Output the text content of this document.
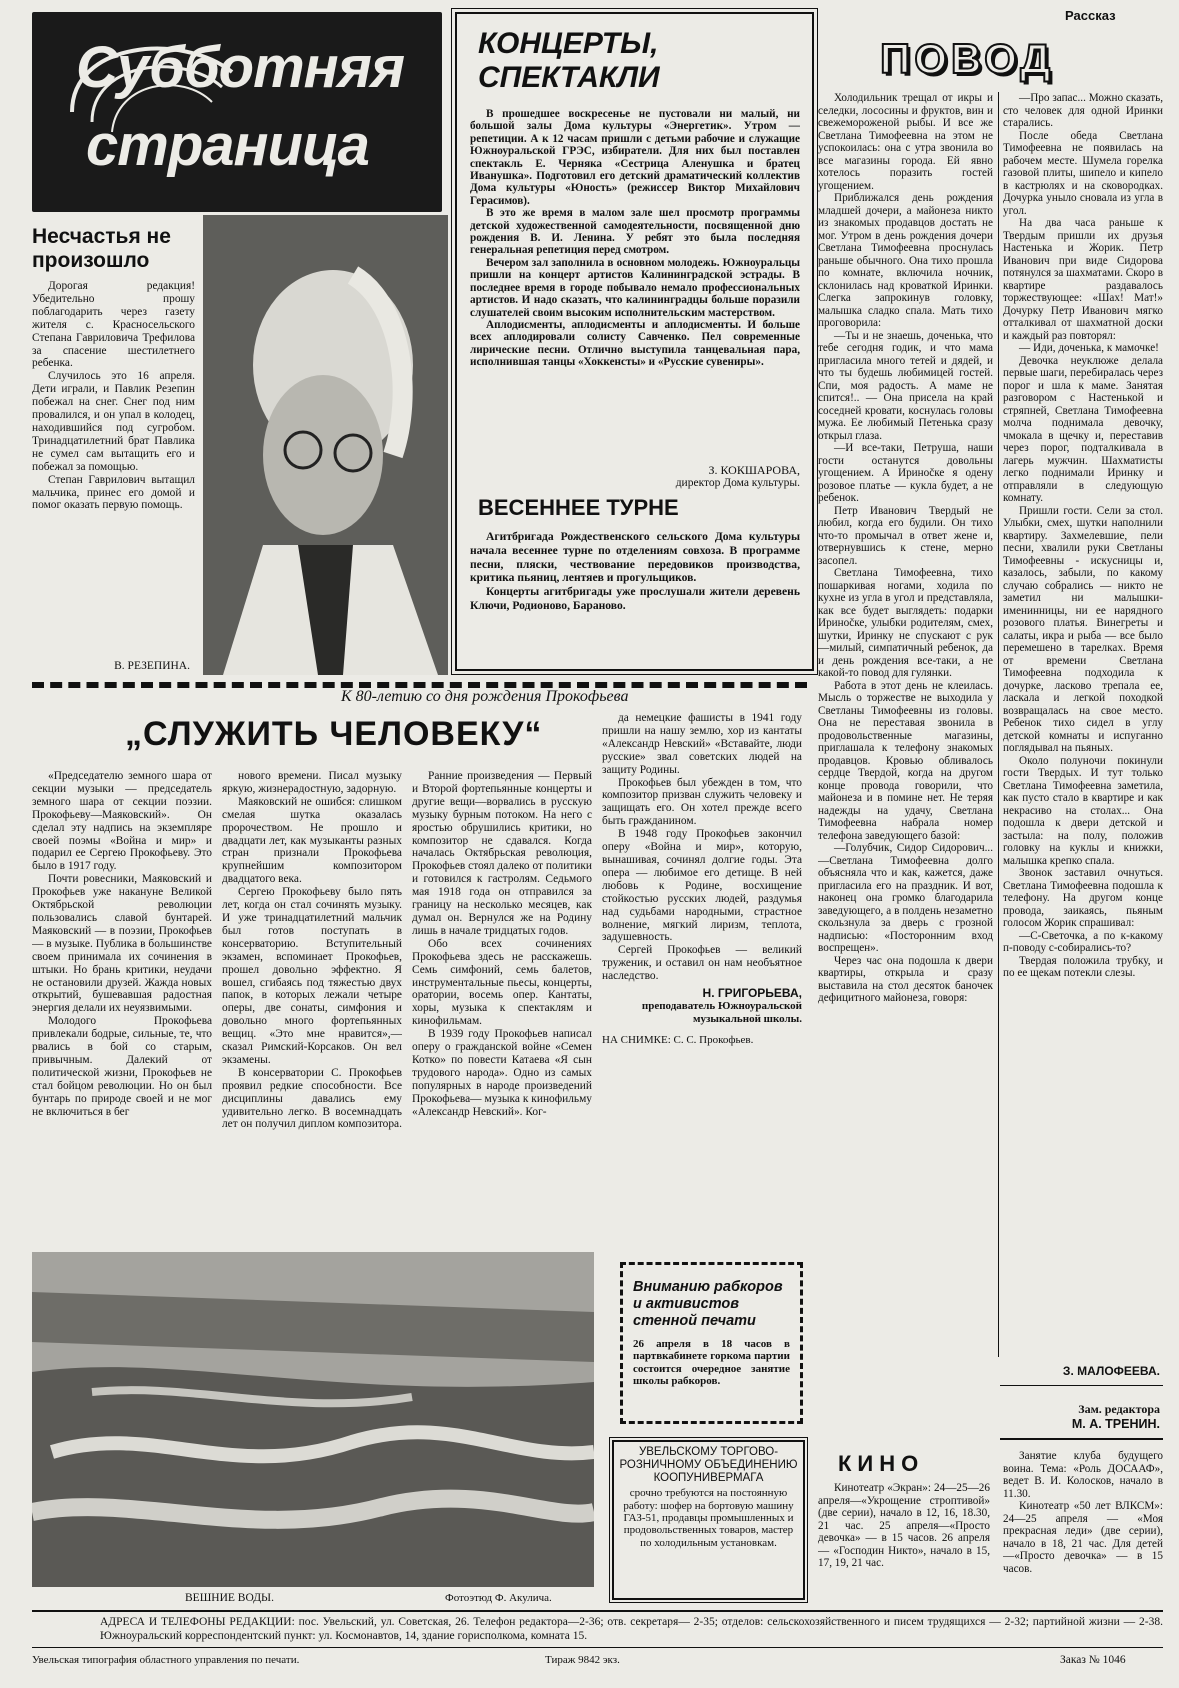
Субботняя
страница
Несчастья не произошло

Дорогая редакция! Убедительно прошу поблагодарить через газету жителя с. Красносельского Степана Гавриловича Трефилова за спасение шестилетнего ребенка.

Случилось это 16 апреля. Дети играли, и Павлик Резепин побежал на снег. Снег под ним провалился, и он упал в колодец, находившийся под сугробом. Тринадцатилетний брат Павлика не сумел сам вытащить его и побежал за помощью.

Степан Гаврилович вытащил мальчика, принес его домой и помог оказать первую помощь.

В. РЕЗЕПИНА.
КОНЦЕРТЫ,
СПЕКТАКЛИ

В прошедшее воскресенье не пустовали ни малый, ни большой залы Дома культуры «Энергетик». Утром — репетиции. А к 12 часам пришли с детьми рабочие и служащие Южноуральской ГРЭС, избиратели. Для них был поставлен спектакль Е. Черняка «Сестрица Аленушка и братец Иванушка». Подготовил его детский драматический коллектив Дома культуры «Юность» (режиссер Виктор Михайлович Герасимов).

В это же время в малом зале шел просмотр программы детской художественной самодеятельности, посвященной дню рождения В. И. Ленина. У ребят это была последняя генеральная репетиция перед смотром.

Вечером зал заполнила в основном молодежь. Южноуральцы пришли на концерт артистов Калининградской эстрады. В последнее время в городе побывало немало профессиональных артистов. И надо сказать, что калининградцы больше поразили слушателей своим высоким исполнительским мастерством.

Аплодисменты, аплодисменты и аплодисменты. И больше всех аплодировали солисту Савченко. Пел современные лирические песни. Отлично выступила танцевальная пара, исполнившая танцы «Хоккенсты» и «Русские сувениры».

З. КОКШАРОВА,
директор Дома культуры.
ВЕСЕННЕЕ ТУРНЕ

Агитбригада Рождественского сельского Дома культуры начала весеннее турне по отделениям совхоза. В программе песни, пляски, чествование передовиков производства, критика пьяниц, лентяев и прогульщиков.

Концерты агитбригады уже прослушали жители деревень Ключи, Родионово, Бараново.

Рассказ
ПОВОД

Холодильник трещал от икры и селедки, лососины и фруктов, вин и свежемороженой рыбы. И все же Светлана Тимофеевна на этом не успокоилась: она с утра звонила во все магазины города. Ей явно хотелось поразить гостей угощением.

Приближался день рождения младшей дочери, а майонеза никто из знакомых продавцов достать не мог. Утром в день рождения дочери Светлана Тимофеевна проснулась раньше обычного. Она тихо прошла по комнате, включила ночник, склонилась над кроваткой Иринки. Слегка запрокинув головку, малышка сладко спала. Мать тихо проговорила:

—Ты и не знаешь, доченька, что тебе сегодня годик, и что мама пригласила много тетей и дядей, и что ты будешь любимицей гостей. Спи, моя радость. А маме не спится!.. — Она присела на край соседней кровати, коснулась головы мужа. Ее любимый Петенька сразу открыл глаза.

—И все-таки, Петруша, наши гости останутся довольны угощением. А Иринočке я одену розовое платье — кукла будет, а не ребенок.

Петр Иванович Твердый не любил, когда его будили. Он тихо что-то промычал в ответ жене и, отвернувшись к стене, мерно засопел.

Светлана Тимофеевна, тихо пошаркивая ногами, ходила по кухне из угла в угол и представляла, как все будет выглядеть: подарки Иринočке, улыбки родителям, смех, шутки, Иринку не спускают с рук —милый, симпатичный ребенок, да и день рождения все-таки, а не какой-то повод для гулянки.

Работа в этот день не клеилась. Мысль о торжестве не выходила у Светланы Тимофеевны из головы. Она не переставая звонила в продовольственные магазины, приглашала к телефону знакомых продавцов. Кровью обливалось сердце Твердой, когда на другом конце провода говорили, что майонеза и в помине нет. Не теряя надежды на удачу, Светлана Тимофеевна набрала номер телефона заведующего базой:

—Голубчик, Сидор Сидорович...—Светлана Тимофеевна долго объясняла что и как, кажется, даже пригласила его на праздник. И вот, наконец она громко благодарила заведующего, а в полдень незаметно скользнула за дверь с грозной надписью: «Посторонним вход воспрещен».

Через час она подошла к двери квартиры, открыла и сразу выставила на стол десяток баночек дефицитного майонеза, говоря:

—Про запас... Можно сказать, сто человек для одной Иринки старались.

После обеда Светлана Тимофеевна не появилась на рабочем месте. Шумела горелка газовой плиты, шипело и кипело в кастрюлях и на сковородках. Дочурка уныло сновала из угла в угол.

На два часа раньше к Твердым пришли их друзья Настенька и Жорик. Петр Иванович при виде Сидорова потянулся за шахматами. Скоро в квартире раздавалось торжествующее: «Шах! Мат!» Дочурку Петр Иванович мягко отталкивал от шахматной доски и каждый раз повторял:

— Иди, доченька, к мамочке!

Девочка неуклюже делала первые шаги, перебиралась через порог и шла к маме. Занятая разговором с Настенькой и стряпней, Светлана Тимофеевна молча поднимала девочку, чмокала в щечку и, переставив через порог, подталкивала в лагерь мужчин. Шахматисты легко поднимали Иринку и отправляли в следующую комнату.

Пришли гости. Сели за стол. Улыбки, смех, шутки наполнили квартиру. Захмелевшие, пели песни, хвалили руки Светланы Тимофеевны - искусницы и, казалось, забыли, по какому случаю собрались — никто не заметил ни малышки-именинницы, ни ее нарядного розового платья. Винегреты и салаты, икра и рыба — все было перемешено в тарелках. Время от времени Светлана Тимофеевна подходила к дочурке, ласково трепала ее, ласкала и легкой походкой возвращалась на свое место. Ребенок тихо сидел в углу детской комнаты и испуганно поглядывал на пьяных.

Около полуночи покинули гости Твердых. И тут только Светлана Тимофеевна заметила, как пусто стало в квартире и как некрасиво на столах... Она подошла к двери детской и застыла: на полу, положив головку на куклы и книжки, малышка крепко спала.

Звонок заставил очнуться. Светлана Тимофеевна подошла к телефону. На другом конце провода, заикаясь, пьяным голосом Жорик спрашивал:

—С-Светочка, а по к-какому п-поводу с-собирались-то?

Твердая положила трубку, и по ее щекам потекли слезы.

З. МАЛОФЕЕВА.
Зам. редактора
М. А. ТРЕНИН.
К 80-летию со дня рождения Прокофьева
„СЛУЖИТЬ ЧЕЛОВЕКУ“

«Председателю земного шара от секции музыки — председатель земного шара от секции поэзии. Прокофьеву—Маяковский». Он сделал эту надпись на экземпляре своей поэмы «Война и мир» и подарил ее Сергею Прокофьеву. Это было в 1917 году.

Почти ровесники, Маяковский и Прокофьев уже накануне Великой Октябрьской революции пользовались славой бунтарей. Маяковский — в поэзии, Прокофьев — в музыке. Публика в большинстве своем принимала их сочинения в штыки. Но брань критики, неудачи не остановили друзей. Жажда новых открытий, бушевавшая радостная энергия делали их неуязвимыми.

Молодого Прокофьева привлекали бодрые, сильные, те, что рвались в бой со старым, привычным. Далекий от политической жизни, Прокофьев не стал бойцом революции. Но он был бунтарь по природе своей и не мог не включиться в бег

нового времени. Писал музыку яркую, жизнерадостную, задорную.

Маяковский не ошибся: слишком смелая шутка оказалась пророчеством. Не прошло и двадцати лет, как музыканты разных стран признали Прокофьева крупнейшим композитором двадцатого века.

Сергею Прокофьеву было пять лет, когда он стал сочинять музыку. И уже тринадцатилетний мальчик был готов поступать в консерваторию. Вступительный экзамен, вспоминает Прокофьев, прошел довольно эффектно. Я вошел, сгибаясь под тяжестью двух папок, в которых лежали четыре оперы, две сонаты, симфония и довольно много фортепьянных вещиц. «Это мне нравится»,— сказал Римский-Корсаков. Он вел экзамены.

В консерватории С. Прокофьев проявил редкие способности. Все дисциплины давались ему удивительно легко. В восемнадцать лет он получил диплом композитора.

Ранние произведения — Первый и Второй фортепьянные концерты и другие вещи—ворвались в русскую музыку бурным потоком. На него с яростью обрушились критики, но композитор не сдавался. Когда началась Октябрьская революция, Прокофьев стоял далеко от политики и готовился к гастролям. Седьмого мая 1918 года он отправился за границу на несколько месяцев, как думал он. Вернулся же на Родину лишь в начале тридцатых годов.

Обо всех сочинениях Прокофьева здесь не расскажешь. Семь симфоний, семь балетов, инструментальные пьесы, концерты, оратории, восемь опер. Кантаты, хоры, музыка к спектаклям и кинофильмам.

В 1939 году Прокофьев написал оперу о гражданской войне «Семен Котко» по повести Катаева «Я сын трудового народа». Одно из самых популярных в народе произведений Прокофьева— музыка к кинофильму «Александр Невский». Ког-

да немецкие фашисты в 1941 году пришли на нашу землю, хор из кантаты «Александр Невский» «Вставайте, люди русские» звал советских людей на защиту Родины.

Прокофьев был убежден в том, что композитор призван служить человеку и защищать его. Он хотел прежде всего быть гражданином.

В 1948 году Прокофьев закончил оперу «Война и мир», которую, вынашивая, сочинял долгие годы. Эта опера — любимое его детище. В ней любовь к Родине, восхищение стойкостью русских людей, раздумья над судьбами народными, страстное волнение, мягкий лиризм, теплота, задушевность.

Сергей Прокофьев — великий труженик, и оставил он нам необъятное наследство.

Н. ГРИГОРЬЕВА,
преподаватель Южноуральской музыкальной школы.
НА СНИМКЕ: С. С. Прокофьев.
ВЕШНИЕ ВОДЫ.	Фотоэтюд Ф. Акулича.
Вниманию рабкоров и активистов стенной печати
26 апреля в 18 часов в партвкабинете горкома партии состоится очередное занятие школы рабкоров.
УВЕЛЬСКОМУ ТОРГОВО-РОЗНИЧНОМУ ОБЪЕДИНЕНИЮ КООПУНИВЕРМАГА
срочно требуются на постоянную работу: шофер на бортовую машину ГАЗ-51, продавцы промышленных и продовольственных товаров, мастер по холодильным установкам.
КИНО

Кинотеатр «Экран»: 24—25—26 апреля—«Укрощение строптивой» (две серии), начало в 12, 16, 18.30, 21 час. 25 апреля—«Просто девочка» — в 15 часов. 26 апреля — «Господин Никто», начало в 15, 17, 19, 21 час.

Занятие клуба будущего воина. Тема: «Роль ДОСААФ», ведет В. И. Колосков, начало в 11.30.

Кинотеатр «50 лет ВЛКСМ»: 24—25 апреля — «Моя прекрасная леди» (две серии), начало в 18, 21 час. Для детей —«Просто девочка» — в 15 часов.

АДРЕСА И ТЕЛЕФОНЫ РЕДАКЦИИ: пос. Увельский, ул. Советская, 26. Телефон редактора—2-36; отв. секретаря— 2-35; отделов: сельскохозяйственного и писем трудящихся — 2-32; партийной жизни — 2-38. Южноуральский корреспондентский пункт: ул. Космонавтов, 14, здание горисполкома, комната 15.
Увельская типография областного управления по печати.	Тираж 9842 экз.	Заказ № 1046
